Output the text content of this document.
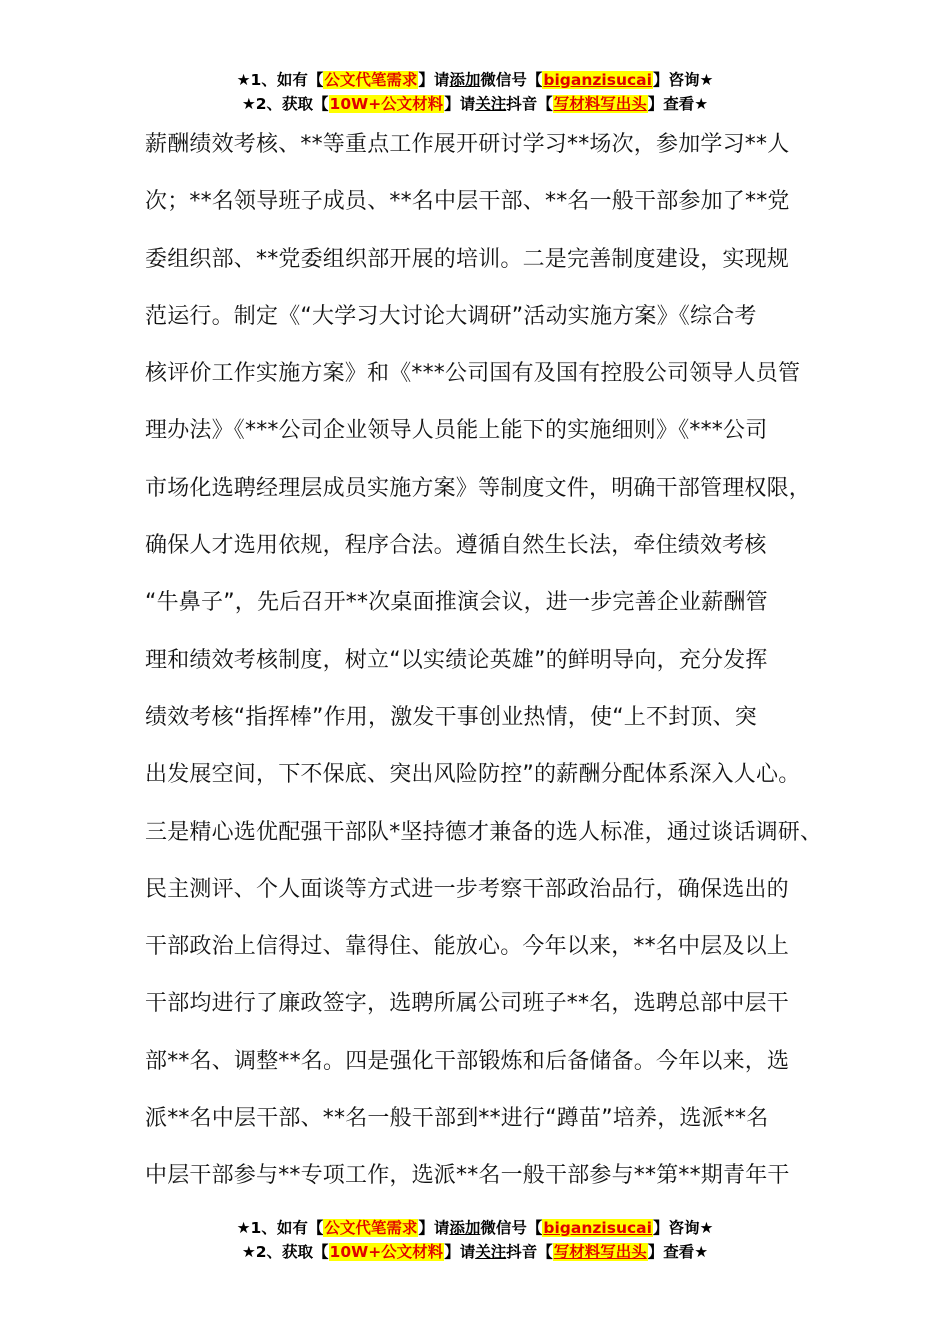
★1、如有【公文代笔需求】请添加微信号【biganzisucai】咨询★
★2、获取【10W+公文材料】请关注抖音【写材料写出头】查看★
薪酬绩效考核、**等重点工作展开研讨学习**场次，参加学习**人
次；**名领导班子成员、**名中层干部、**名一般干部参加了**党
委组织部、**党委组织部开展的培训。二是完善制度建设，实现规
范运行。制定《“大学习大讨论大调研”活动实施方案》《综合考
核评价工作实施方案》和《***公司国有及国有控股公司领导人员管
理办法》《***公司企业领导人员能上能下的实施细则》《***公司
市场化选聘经理层成员实施方案》等制度文件，明确干部管理权限，
确保人才选用依规，程序合法。遵循自然生长法，牵住绩效考核
“牛鼻子”，先后召开**次桌面推演会议，进一步完善企业薪酬管
理和绩效考核制度，树立“以实绩论英雄”的鲜明导向，充分发挥
绩效考核“指挥棒”作用，激发干事创业热情，使“上不封顶、突
出发展空间，下不保底、突出风险防控”的薪酬分配体系深入人心。
三是精心选优配强干部队*坚持德才兼备的选人标准，通过谈话调研、
民主测评、个人面谈等方式进一步考察干部政治品行，确保选出的
干部政治上信得过、靠得住、能放心。今年以来，**名中层及以上
干部均进行了廉政签字，选聘所属公司班子**名，选聘总部中层干
部**名、调整**名。四是强化干部锻炼和后备储备。今年以来，选
派**名中层干部、**名一般干部到**进行“蹲苗”培养，选派**名
中层干部参与**专项工作，选派**名一般干部参与**第**期青年干
★1、如有【公文代笔需求】请添加微信号【biganzisucai】咨询★
★2、获取【10W+公文材料】请关注抖音【写材料写出头】查看★
